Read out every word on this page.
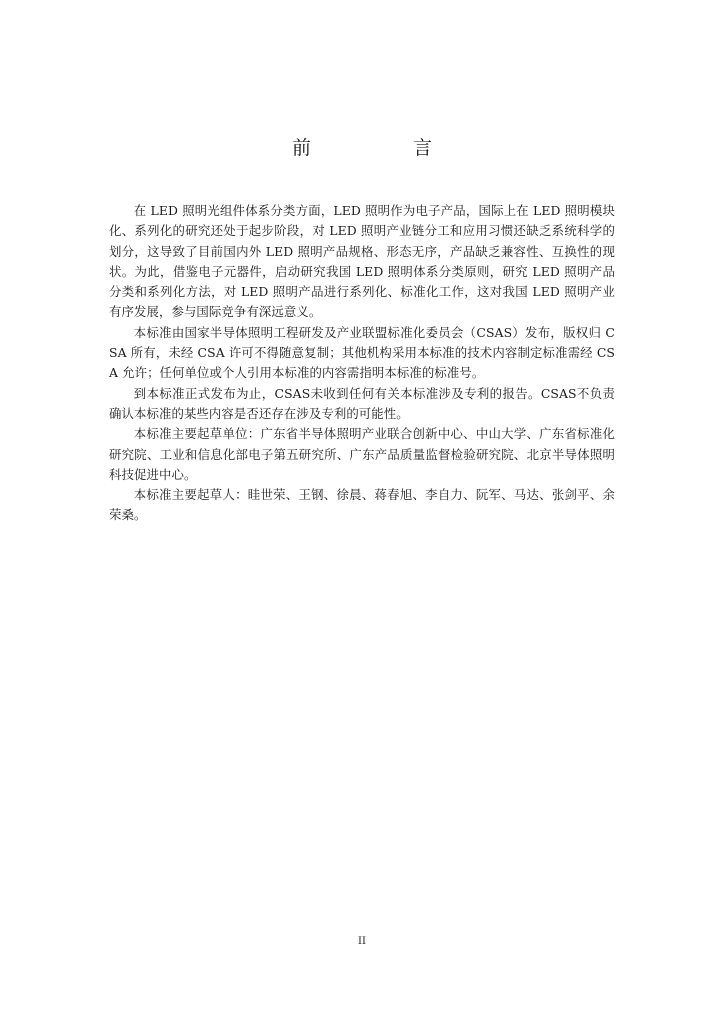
前 言

在 LED 照明光组件体系分类方面，LED 照明作为电子产品，国际上在 LED 照明模块化、系列化的研究还处于起步阶段，对 LED 照明产业链分工和应用习惯还缺乏系统科学的划分，这导致了目前国内外 LED 照明产品规格、形态无序，产品缺乏兼容性、互换性的现状。为此，借鉴电子元器件，启动研究我国 LED 照明体系分类原则，研究 LED 照明产品分类和系列化方法，对 LED 照明产品进行系列化、标准化工作，这对我国 LED 照明产业有序发展，参与国际竞争有深远意义。

本标准由国家半导体照明工程研发及产业联盟标准化委员会（CSAS）发布，版权归 CSA 所有，未经 CSA 许可不得随意复制；其他机构采用本标准的技术内容制定标准需经 CSA 允许；任何单位或个人引用本标准的内容需指明本标准的标准号。

到本标准正式发布为止，CSAS未收到任何有关本标准涉及专利的报告。CSAS不负责确认本标准的某些内容是否还存在涉及专利的可能性。

本标准主要起草单位：广东省半导体照明产业联合创新中心、中山大学、广东省标准化研究院、工业和信息化部电子第五研究所、广东产品质量监督检验研究院、北京半导体照明科技促进中心。

本标准主要起草人：眭世荣、王钢、徐晨、蒋春旭、李自力、阮军、马达、张剑平、余荣桑。

II
